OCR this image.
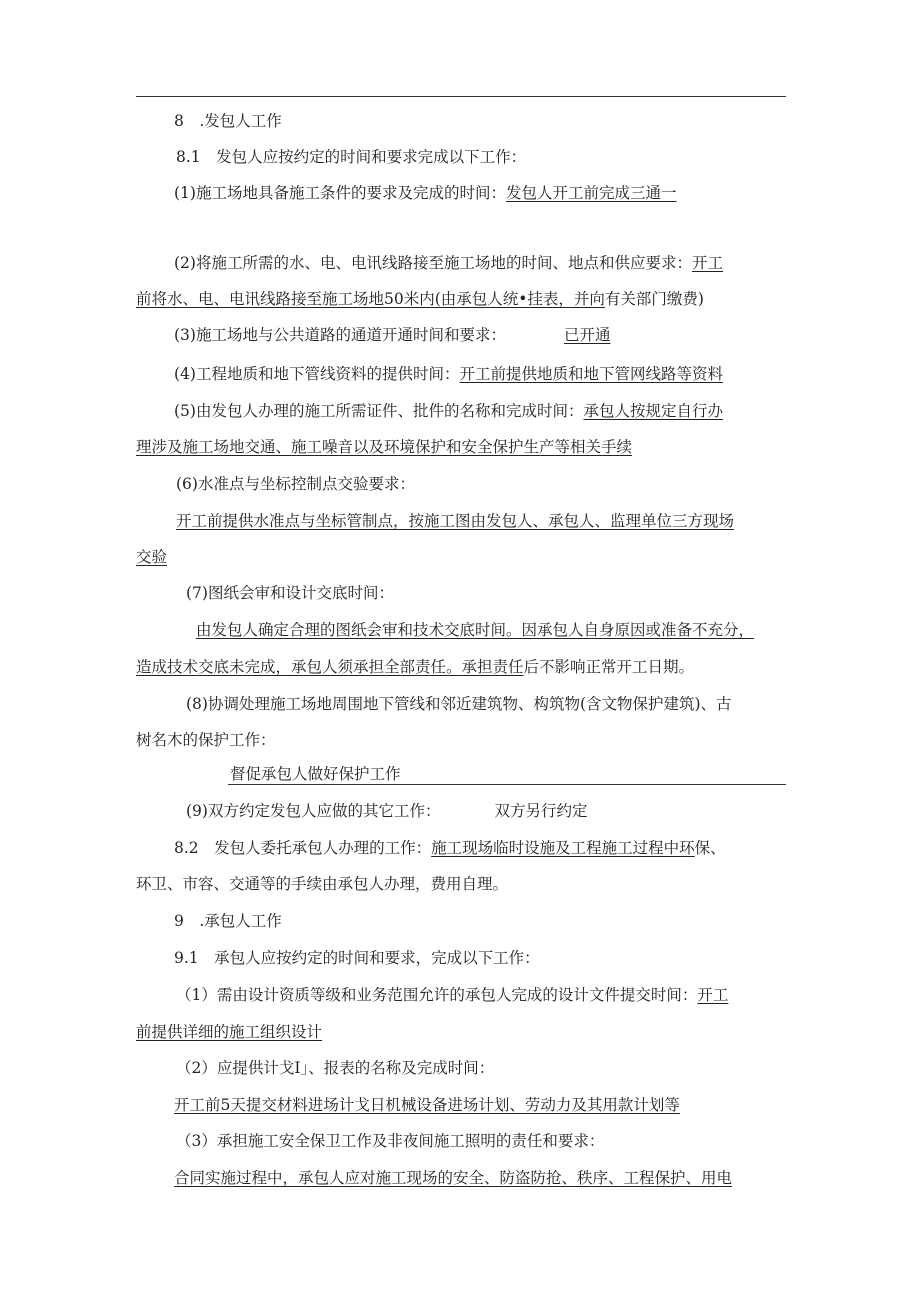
8　.发包人工作
8.1　发包人应按约定的时间和要求完成以下工作：
(1)施工场地具备施工条件的要求及完成的时间：发包人开工前完成三通一
(2)将施工所需的水、电、电讯线路接至施工场地的时间、地点和供应要求：开工
前将水、电、电讯线路接至施工场地50米内(由承包人统•挂表，并向有关部门缴费)
(3)施工场地与公共道路的通道开通时间和要求：	已开通
(4)工程地质和地下管线资料的提供时间：开工前提供地质和地下管网线路等资料
(5)由发包人办理的施工所需证件、批件的名称和完成时间：承包人按规定自行办
理涉及施工场地交通、施工噪音以及环境保护和安全保护生产等相关手续
(6)水准点与坐标控制点交验要求：
开工前提供水准点与坐标管制点，按施工图由发包人、承包人、监理单位三方现场
交验
(7)图纸会审和设计交底时间：
由发包人确定合理的图纸会审和技术交底时间。因承包人自身原因或准备不充分，
造成技术交底未完成，承包人须承担全部责任。承担责任后不影响正常开工日期。
(8)协调处理施工场地周围地下管线和邻近建筑物、构筑物(含文物保护建筑)、古
树名木的保护工作：
督促承包人做好保护工作
(9)双方约定发包人应做的其它工作：	双方另行约定
8.2　发包人委托承包人办理的工作：施工现场临时设施及工程施工过程中环保、
环卫、市容、交通等的手续由承包人办理，费用自理。
9　.承包人工作
9.1　承包人应按约定的时间和要求，完成以下工作：
（1）需由设计资质等级和业务范围允许的承包人完成的设计文件提交时间：开工
前提供详细的施工组织设计
（2）应提供计戈I」、报表的名称及完成时间：
开工前5天提交材料进场计戈日机械设备进场计划、劳动力及其用款计划等
（3）承担施工安全保卫工作及非夜间施工照明的责任和要求：
合同实施过程中，承包人应对施工现场的安全、防盗防抢、秩序、工程保护、用电
